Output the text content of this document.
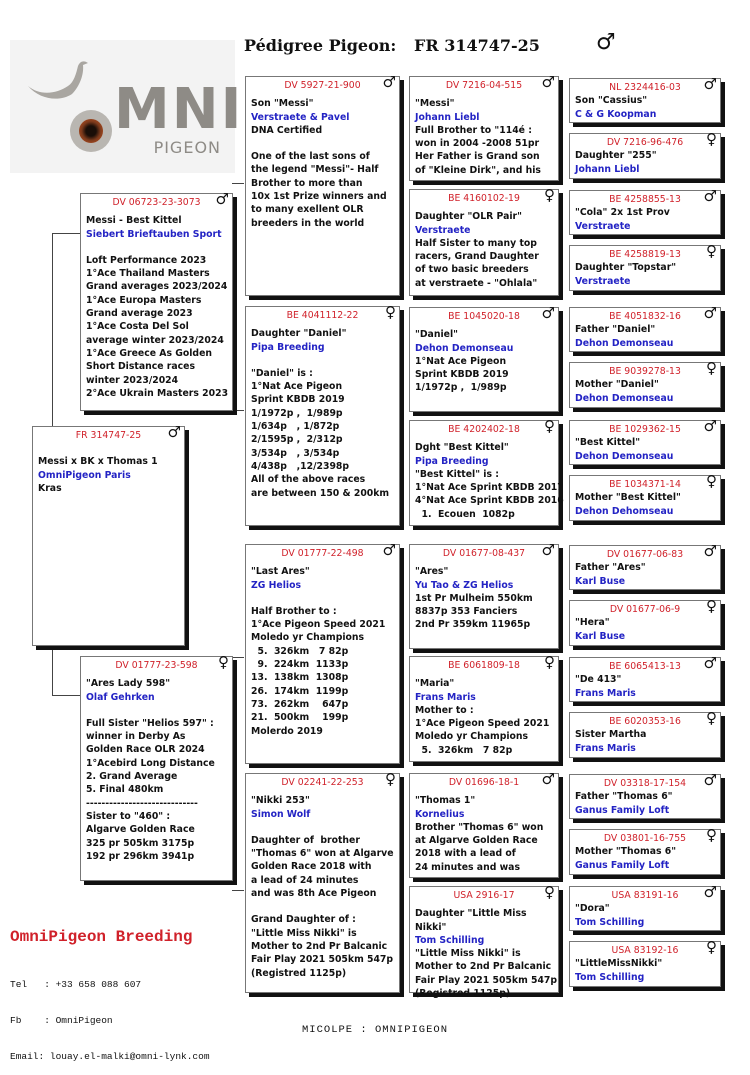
MNI
PIGEON
Pédigree Pigeon: FR 314747-25	♂
FR 314747-25	♂
Messi x BK x Thomas 1
OmniPigeon Paris
Kras
DV 06723-23-3073	♂
Messi - Best Kittel
Siebert Brieftauben Sport
Loft Performance 2023
1°Ace Thailand Masters
Grand averages 2023/2024
1°Ace Europa Masters
Grand average 2023
1°Ace Costa Del Sol
average winter 2023/2024
1°Ace Greece As Golden
Short Distance races
winter 2023/2024
2°Ace Ukrain Masters 2023
DV 01777-23-598	♀
"Ares Lady 598"
Olaf Gehrken
Full Sister "Helios 597" :
winner in Derby As
Golden Race OLR 2024
1°Acebird Long Distance
2. Grand Average
5. Final 480km
-----------------------------
Sister to "460" :
Algarve Golden Race
325 pr 505km 3175p
192 pr 296km 3941p
DV 5927-21-900	♂
Son "Messi"
Verstraete & Pavel
DNA Certified
One of the last sons of
the legend "Messi"- Half
Brother to more than
10x 1st Prize winners and
to many exellent OLR
breeders in the world
BE 4041112-22	♀
Daughter "Daniel"
Pipa Breeding
"Daniel" is :
1°Nat Ace Pigeon
Sprint KBDB 2019
1/1972p ,  1/989p
1/634p   , 1/872p
2/1595p ,  2/312p
3/534p   , 3/534p
4/438p   ,12/2398p
All of the above races
are between 150 & 200km
DV 01777-22-498	♂
"Last Ares"
ZG Helios
Half Brother to :
1°Ace Pigeon Speed 2021
Moledo yr Champions
5.  326km   7 82p
9.  224km  1133p
13.  138km  1308p
26.  174km  1199p
73.  262km    647p
21.  500km    199p
Molerdo 2019
DV 02241-22-253	♀
"Nikki 253"
Simon Wolf
Daughter of  brother
"Thomas 6" won at Algarve
Golden Race 2018 with
a lead of 24 minutes
and was 8th Ace Pigeon
Grand Daughter of :
"Little Miss Nikki" is
Mother to 2nd Pr Balcanic
Fair Play 2021 505km 547p
(Registred 1125p)
DV 7216-04-515	♂
"Messi"
Johann Liebl
Full Brother to "114é :
won in 2004 -2008 51pr
Her Father is Grand son
of "Kleine Dirk", and his
BE 4160102-19	♀
Daughter "OLR Pair"
Verstraete
Half Sister to many top
racers, Grand Daughter
of two basic breeders
at verstraete - "Ohlala"
BE 1045020-18	♂
"Daniel"
Dehon Demonseau
1°Nat Ace Pigeon
Sprint KBDB 2019
1/1972p ,  1/989p
BE 4202402-18	♀
Dght "Best Kittel"
Pipa Breeding
"Best Kittel" is :
1°Nat Ace Sprint KBDB 2017
4°Nat Ace Sprint KBDB 2016
1.  Ecouen  1082p
DV 01677-08-437	♂
"Ares"
Yu Tao & ZG Helios
1st Pr Mulheim 550km
8837p 353 Fanciers
2nd Pr 359km 11965p
BE 6061809-18	♀
"Maria"
Frans Maris
Mother to :
1°Ace Pigeon Speed 2021
Moledo yr Champions
5.  326km   7 82p
DV 01696-18-1	♂
"Thomas 1"
Kornelius
Brother "Thomas 6" won
at Algarve Golden Race
2018 with a lead of
24 minutes and was
USA 2916-17	♀
Daughter "Little Miss Nikki"
Tom Schilling
"Little Miss Nikki" is
Mother to 2nd Pr Balcanic
Fair Play 2021 505km 547p
(Registred 1125p)
NL 2324416-03	♂
Son "Cassius"
C & G Koopman
DV 7216-96-476	♀
Daughter "255"
Johann Liebl
BE 4258855-13	♂
"Cola" 2x 1st Prov
Verstraete
BE 4258819-13	♀
Daughter "Topstar"
Verstraete
BE 4051832-16	♂
Father "Daniel"
Dehon Demonseau
BE 9039278-13	♀
Mother "Daniel"
Dehon Demonseau
BE 1029362-15	♂
"Best Kittel"
Dehon Demonseau
BE 1034371-14	♀
Mother "Best Kittel"
Dehon Dehomseau
DV 01677-06-83	♂
Father "Ares"
Karl Buse
DV 01677-06-9	♀
"Hera"
Karl Buse
BE 6065413-13	♂
"De 413"
Frans Maris
BE 6020353-16	♀
Sister Martha
Frans Maris
DV 03318-17-154	♂
Father "Thomas 6"
Ganus Family Loft
DV 03801-16-755	♀
Mother "Thomas 6"
Ganus Family Loft
USA 83191-16	♂
"Dora"
Tom Schilling
USA 83192-16	♀
"LittleMissNikki"
Tom Schilling
OmniPigeon Breeding

Tel   : +33 658 088 607

Fb    : OmniPigeon

Email: louay.el-malki@omni-lynk.com

MICOLPE : OMNIPIGEON
